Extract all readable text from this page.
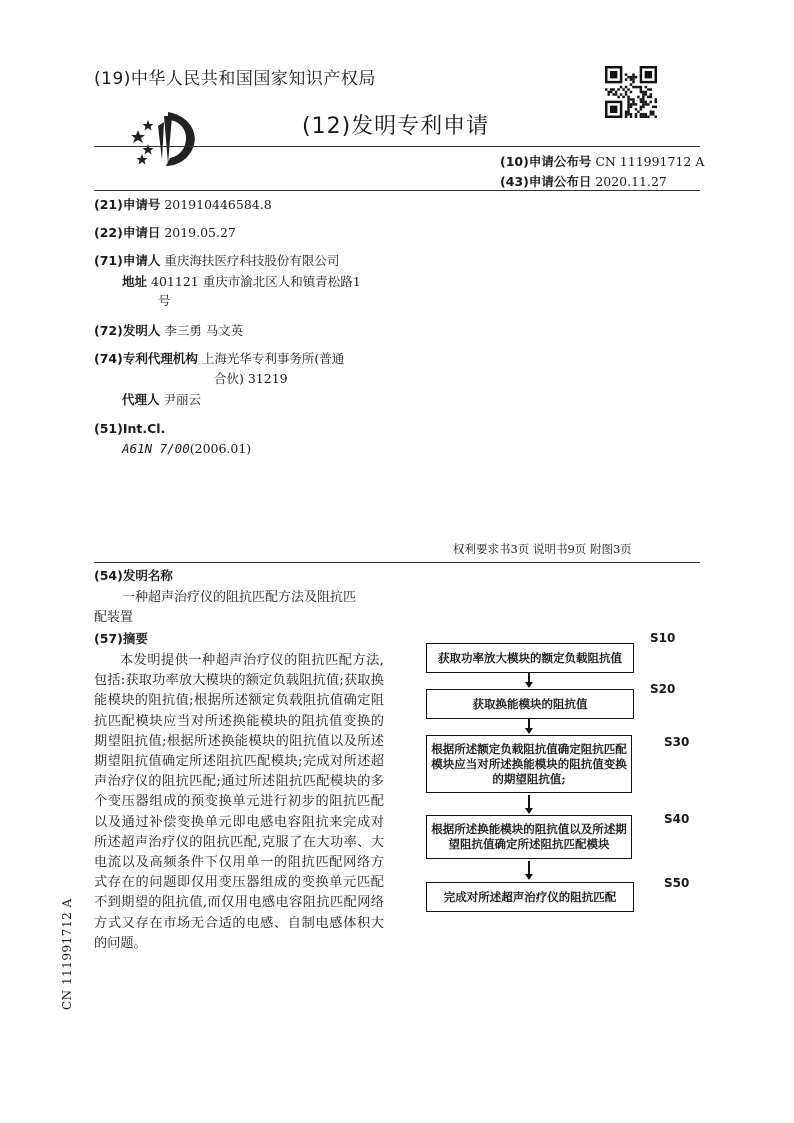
(19)中华人民共和国国家知识产权局
(12)发明专利申请
(10)申请公布号 CN 111991712 A
(43)申请公布日 2020.11.27
(21)申请号 201910446584.8
(22)申请日 2019.05.27
(71)申请人 重庆海扶医疗科技股份有限公司
地址 401121 重庆市渝北区人和镇青松路1
号
(72)发明人 李三勇 马文英
(74)专利代理机构 上海光华专利事务所(普通
合伙) 31219
代理人 尹丽云
(51)Int.Cl.
A61N 7/00(2006.01)
权利要求书3页 说明书9页 附图3页
(54)发明名称
一种超声治疗仪的阻抗匹配方法及阻抗匹
配装置
(57)摘要
本发明提供一种超声治疗仪的阻抗匹配方法,包括:获取功率放大模块的额定负载阻抗值;获取换能模块的阻抗值;根据所述额定负载阻抗值确定阻抗匹配模块应当对所述换能模块的阻抗值变换的期望阻抗值;根据所述换能模块的阻抗值以及所述期望阻抗值确定所述阻抗匹配模块;完成对所述超声治疗仪的阻抗匹配;通过所述阻抗匹配模块的多个变压器组成的预变换单元进行初步的阻抗匹配以及通过补偿变换单元即电感电容阻抗来完成对所述超声治疗仪的阻抗匹配,克服了在大功率、大电流以及高频条件下仅用单一的阻抗匹配网络方式存在的问题即仅用变压器组成的变换单元匹配不到期望的阻抗值,而仅用电感电容阻抗匹配网络方式又存在市场无合适的电感、自制电感体积大的问题。
获取功率放大模块的额定负载阻抗值
S10
获取换能模块的阻抗值
S20
根据所述额定负载阻抗值确定阻抗匹配模块应当对所述换能模块的阻抗值变换的期望阻抗值;
S30
根据所述换能模块的阻抗值以及所述期望阻抗值确定所述阻抗匹配模块
S40
完成对所述超声治疗仪的阻抗匹配
S50
CN 111991712 A
